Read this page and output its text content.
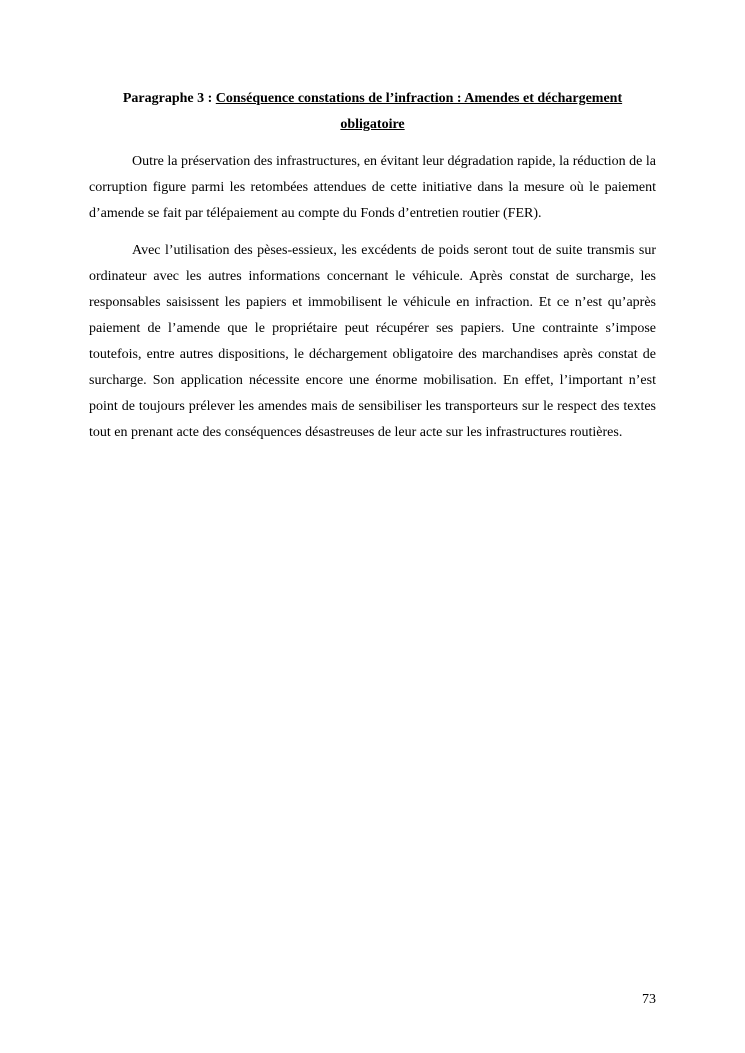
Paragraphe 3 : Conséquence constations de l’infraction : Amendes et déchargement obligatoire

Outre la préservation des infrastructures, en évitant leur dégradation rapide, la réduction de la corruption figure parmi les retombées attendues de cette initiative dans la mesure où le paiement d’amende se fait par télépaiement au compte du Fonds d’entretien routier (FER).

Avec l’utilisation des pèses-essieux, les excédents de poids seront tout de suite transmis sur ordinateur avec les autres informations concernant le véhicule. Après constat de surcharge, les responsables saisissent les papiers et immobilisent le véhicule en infraction. Et ce n’est qu’après paiement de l’amende que le propriétaire peut récupérer ses papiers. Une contrainte s’impose toutefois, entre autres dispositions, le déchargement obligatoire des marchandises après constat de surcharge. Son application nécessite encore une énorme mobilisation. En effet, l’important n’est point de toujours prélever les amendes mais de sensibiliser les transporteurs sur le respect des textes tout en prenant acte des conséquences désastreuses de leur acte sur les infrastructures routières.

73
